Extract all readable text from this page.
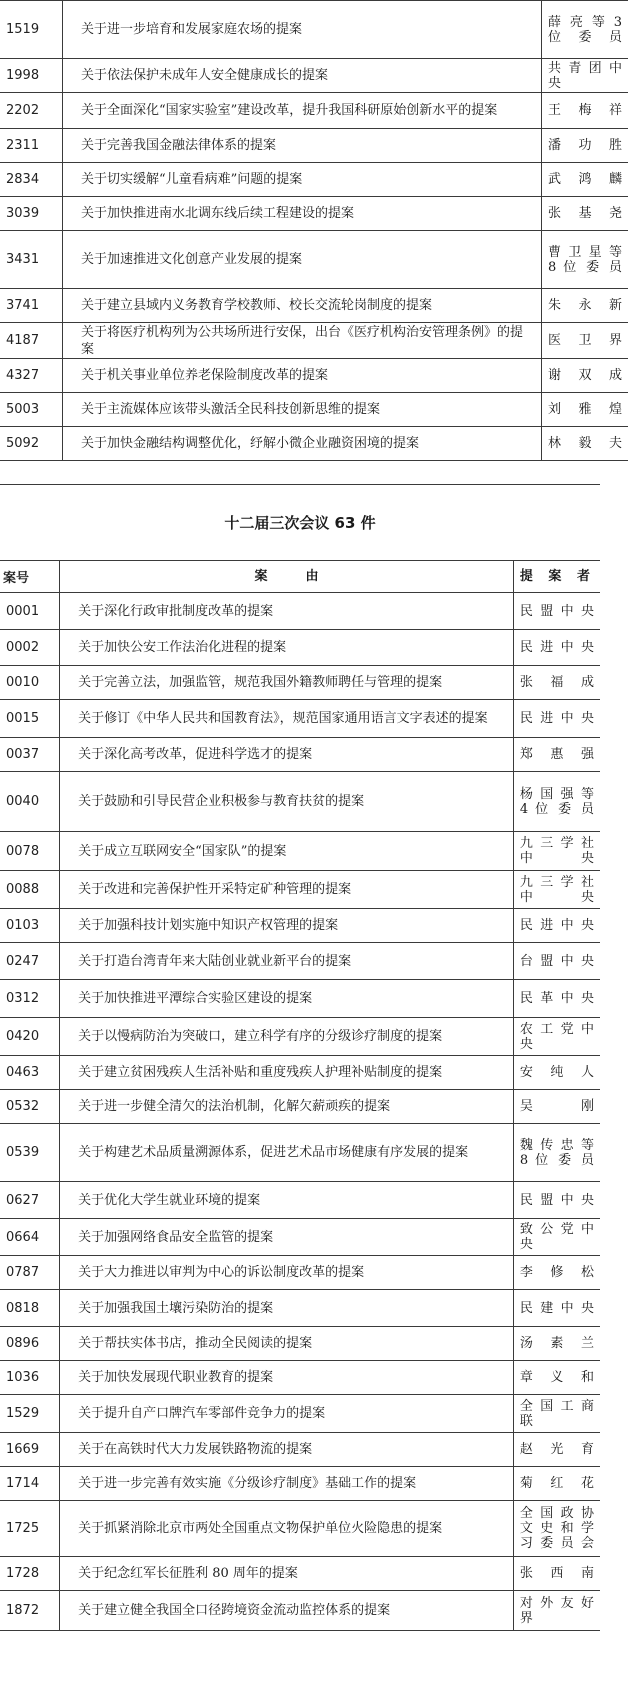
1519	关于进一步培育和发展家庭农场的提案	薛 亮 等 3 位 委 员
1998	关于依法保护未成年人安全健康成长的提案	共 青 团 中 央
2202	关于全面深化“国家实验室”建设改革，提升我国科研原始创新水平的提案	王 梅 祥
2311	关于完善我国金融法律体系的提案	潘 功 胜
2834	关于切实缓解“儿童看病难”问题的提案	武 鸿 麟
3039	关于加快推进南水北调东线后续工程建设的提案	张 基 尧
3431	关于加速推进文化创意产业发展的提案	曹 卫 星 等 8 位 委 员
3741	关于建立县域内义务教育学校教师、校长交流轮岗制度的提案	朱 永 新
4187	关于将医疗机构列为公共场所进行安保，出台《医疗机构治安管理条例》的提案	医 卫 界
4327	关于机关事业单位养老保险制度改革的提案	谢 双 成
5003	关于主流媒体应该带头激活全民科技创新思维的提案	刘 雅 煌
5092	关于加快金融结构调整优化，纾解小微企业融资困境的提案	林 毅 夫
十二届三次会议 63 件
案号	案由	提案者
0001	关于深化行政审批制度改革的提案	民 盟 中 央
0002	关于加快公安工作法治化进程的提案	民 进 中 央
0010	关于完善立法，加强监管，规范我国外籍教师聘任与管理的提案	张 福 成
0015	关于修订《中华人民共和国教育法》，规范国家通用语言文字表述的提案	民 进 中 央
0037	关于深化高考改革，促进科学选才的提案	郑 惠 强
0040	关于鼓励和引导民营企业积极参与教育扶贫的提案	杨 国 强 等 4 位 委 员
0078	关于成立互联网安全“国家队”的提案	九 三 学 社 中 央
0088	关于改进和完善保护性开采特定矿种管理的提案	九 三 学 社 中 央
0103	关于加强科技计划实施中知识产权管理的提案	民 进 中 央
0247	关于打造台湾青年来大陆创业就业新平台的提案	台 盟 中 央
0312	关于加快推进平潭综合实验区建设的提案	民 革 中 央
0420	关于以慢病防治为突破口，建立科学有序的分级诊疗制度的提案	农 工 党 中 央
0463	关于建立贫困残疾人生活补贴和重度残疾人护理补贴制度的提案	安 纯 人
0532	关于进一步健全清欠的法治机制，化解欠薪顽疾的提案	吴 刚
0539	关于构建艺术品质量溯源体系，促进艺术品市场健康有序发展的提案	魏 传 忠 等 8 位 委 员
0627	关于优化大学生就业环境的提案	民 盟 中 央
0664	关于加强网络食品安全监管的提案	致 公 党 中 央
0787	关于大力推进以审判为中心的诉讼制度改革的提案	李 修 松
0818	关于加强我国土壤污染防治的提案	民 建 中 央
0896	关于帮扶实体书店，推动全民阅读的提案	汤 素 兰
1036	关于加快发展现代职业教育的提案	章 义 和
1529	关于提升自产口牌汽车零部件竞争力的提案	全 国 工 商 联
1669	关于在高铁时代大力发展铁路物流的提案	赵 光 育
1714	关于进一步完善有效实施《分级诊疗制度》基础工作的提案	菊 红 花
1725	关于抓紧消除北京市两处全国重点文物保护单位火险隐患的提案	全 国 政 协 文 史 和 学 习 委 员 会
1728	关于纪念红军长征胜利 80 周年的提案	张 西 南
1872	关于建立健全我国全口径跨境资金流动监控体系的提案	对 外 友 好 界
